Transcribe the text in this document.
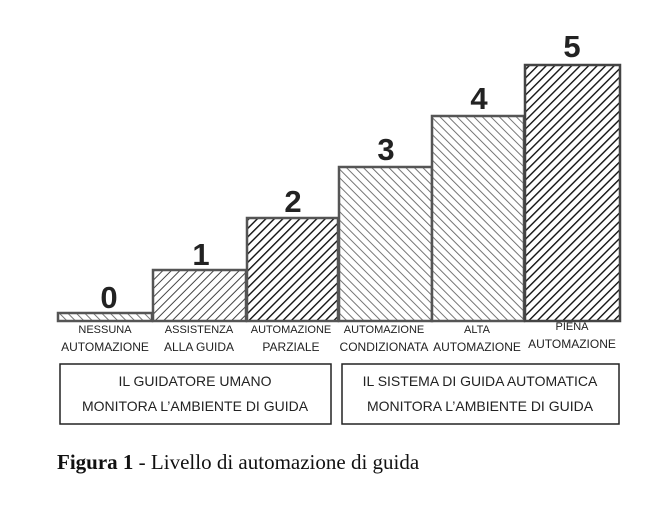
0
NESSUNA
AUTOMAZIONE
1
ASSISTENZA
ALLA GUIDA
2
AUTOMAZIONE
PARZIALE
3
AUTOMAZIONE
CONDIZIONATA
4
ALTA
AUTOMAZIONE
5
PIENA
AUTOMAZIONE
IL GUIDATORE UMANO
MONITORA L’AMBIENTE DI GUIDA
IL SISTEMA DI GUIDA AUTOMATICA
MONITORA L’AMBIENTE DI GUIDA
Figura 1 - Livello di automazione di guida
